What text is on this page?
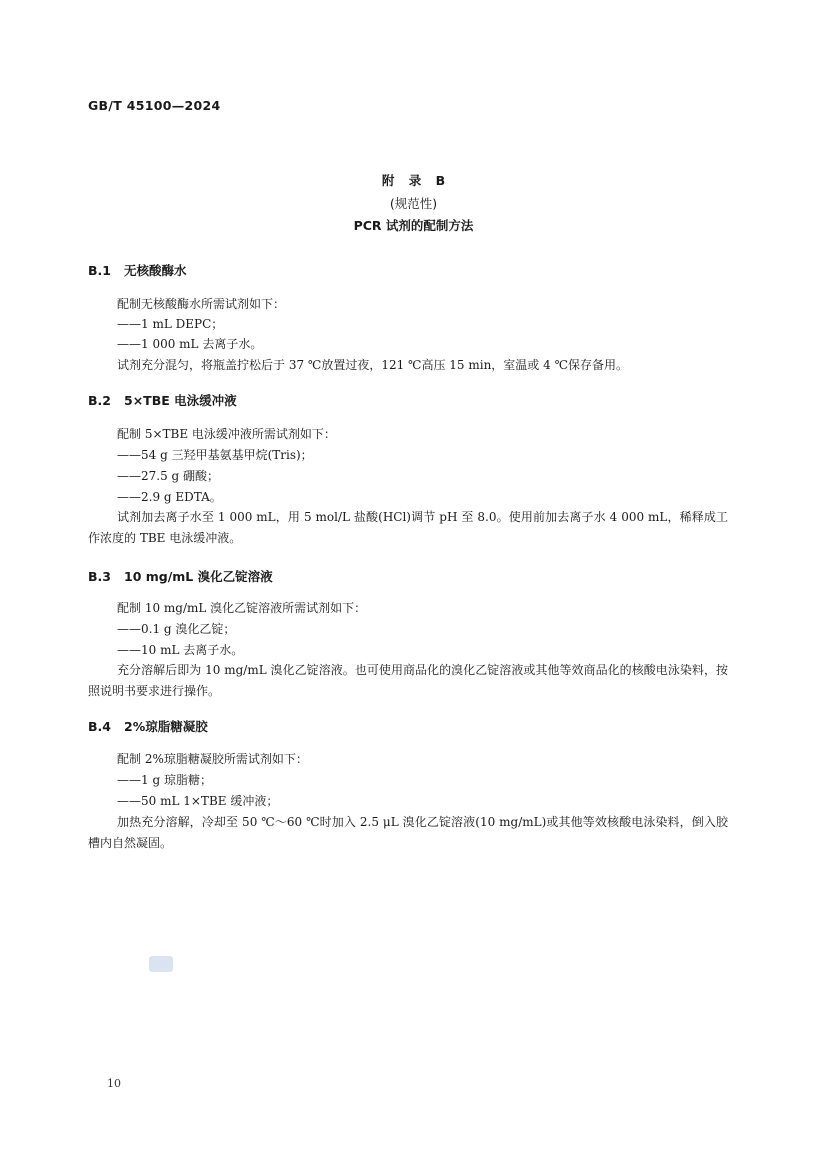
GB/T 45100—2024
附 录 B
(规范性)
PCR 试剂的配制方法
B.1 无核酸酶水
配制无核酸酶水所需试剂如下：
——1 mL DEPC；
——1 000 mL 去离子水。
试剂充分混匀，将瓶盖拧松后于 37 ℃放置过夜，121 ℃高压 15 min，室温或 4 ℃保存备用。
B.2 5×TBE 电泳缓冲液
配制 5×TBE 电泳缓冲液所需试剂如下：
——54 g 三羟甲基氨基甲烷(Tris)；
——27.5 g 硼酸；
——2.9 g EDTA。
试剂加去离子水至 1 000 mL，用 5 mol/L 盐酸(HCl)调节 pH 至 8.0。使用前加去离子水 4 000 mL，稀释成工作浓度的 TBE 电泳缓冲液。
B.3 10 mg/mL 溴化乙锭溶液
配制 10 mg/mL 溴化乙锭溶液所需试剂如下：
——0.1 g 溴化乙锭；
——10 mL 去离子水。
充分溶解后即为 10 mg/mL 溴化乙锭溶液。也可使用商品化的溴化乙锭溶液或其他等效商品化的核酸电泳染料，按照说明书要求进行操作。
B.4 2%琼脂糖凝胶
配制 2%琼脂糖凝胶所需试剂如下：
——1 g 琼脂糖；
——50 mL 1×TBE 缓冲液；
加热充分溶解，冷却至 50 ℃～60 ℃时加入 2.5 μL 溴化乙锭溶液(10 mg/mL)或其他等效核酸电泳染料，倒入胶槽内自然凝固。
10
